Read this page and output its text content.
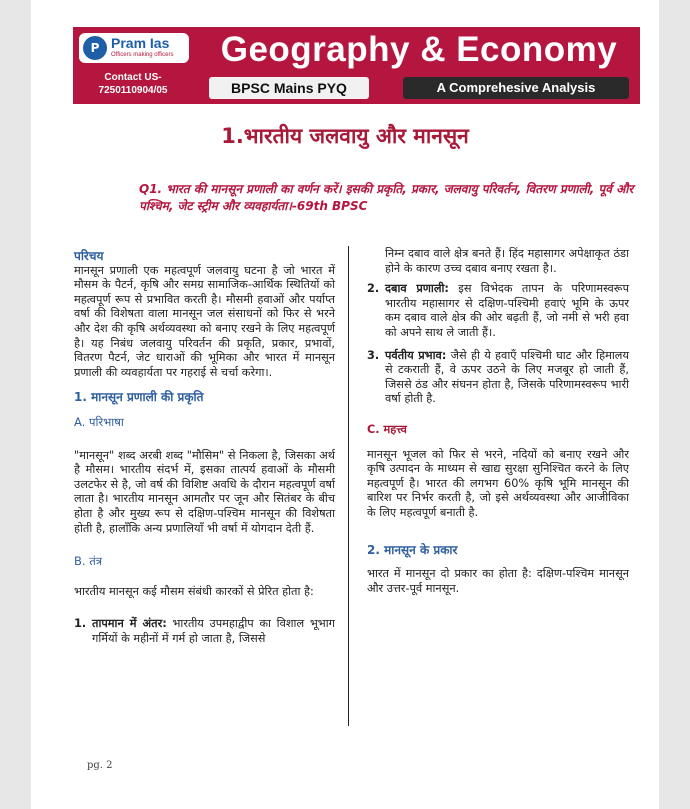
P Pram Ias
Officers making officers
Contact US-
7250110904/05
Geography & Economy
BPSC Mains PYQ	A Comprehesive Analysis
1.भारतीय जलवायु और मानसून
Q1. भारत की मानसून प्रणाली का वर्णन करें। इसकी प्रकृति, प्रकार, जलवायु परिवर्तन, वितरण प्रणाली, पूर्व और पश्चिम, जेट स्ट्रीम और व्यवहार्यता।-69th BPSC

परिचय

मानसून प्रणाली एक महत्वपूर्ण जलवायु घटना है जो भारत में मौसम के पैटर्न, कृषि और समग्र सामाजिक-आर्थिक स्थितियों को महत्वपूर्ण रूप से प्रभावित करती है। मौसमी हवाओं और पर्याप्त वर्षा की विशेषता वाला मानसून जल संसाधनों को फिर से भरने और देश की कृषि अर्थव्यवस्था को बनाए रखने के लिए महत्वपूर्ण है। यह निबंध जलवायु परिवर्तन की प्रकृति, प्रकार, प्रभावों, वितरण पैटर्न, जेट धाराओं की भूमिका और भारत में मानसून प्रणाली की व्यवहार्यता पर गहराई से चर्चा करेगा।.

1. मानसून प्रणाली की प्रकृति

A. परिभाषा

"मानसून" शब्द अरबी शब्द "मौसिम" से निकला है, जिसका अर्थ है मौसम। भारतीय संदर्भ में, इसका तात्पर्य हवाओं के मौसमी उलटफेर से है, जो वर्ष की विशिष्ट अवधि के दौरान महत्वपूर्ण वर्षा लाता है। भारतीय मानसून आमतौर पर जून और सितंबर के बीच होता है और मुख्य रूप से दक्षिण-पश्चिम मानसून की विशेषता होती है, हालाँकि अन्य प्रणालियाँ भी वर्षा में योगदान देती हैं.

B. तंत्र

भारतीय मानसून कई मौसम संबंधी कारकों से प्रेरित होता है:

1. तापमान में अंतर: भारतीय उपमहाद्वीप का विशाल भूभाग गर्मियों के महीनों में गर्म हो जाता है, जिससे

निम्न दबाव वाले क्षेत्र बनते हैं। हिंद महासागर अपेक्षाकृत ठंडा होने के कारण उच्च दबाव बनाए रखता है।.

2. दबाव प्रणाली: इस विभेदक तापन के परिणामस्वरूप भारतीय महासागर से दक्षिण-पश्चिमी हवाएं भूमि के ऊपर कम दबाव वाले क्षेत्र की ओर बढ़ती हैं, जो नमी से भरी हवा को अपने साथ ले जाती हैं।.

3. पर्वतीय प्रभाव: जैसे ही ये हवाएँ पश्चिमी घाट और हिमालय से टकराती हैं, वे ऊपर उठने के लिए मजबूर हो जाती हैं, जिससे ठंड और संघनन होता है, जिसके परिणामस्वरूप भारी वर्षा होती है.

C. महत्त्व

मानसून भूजल को फिर से भरने, नदियों को बनाए रखने और कृषि उत्पादन के माध्यम से खाद्य सुरक्षा सुनिश्चित करने के लिए महत्वपूर्ण है। भारत की लगभग 60% कृषि भूमि मानसून की बारिश पर निर्भर करती है, जो इसे अर्थव्यवस्था और आजीविका के लिए महत्वपूर्ण बनाती है.

2. मानसून के प्रकार

भारत में मानसून दो प्रकार का होता है: दक्षिण-पश्चिम मानसून और उत्तर-पूर्व मानसून.

pg. 2
